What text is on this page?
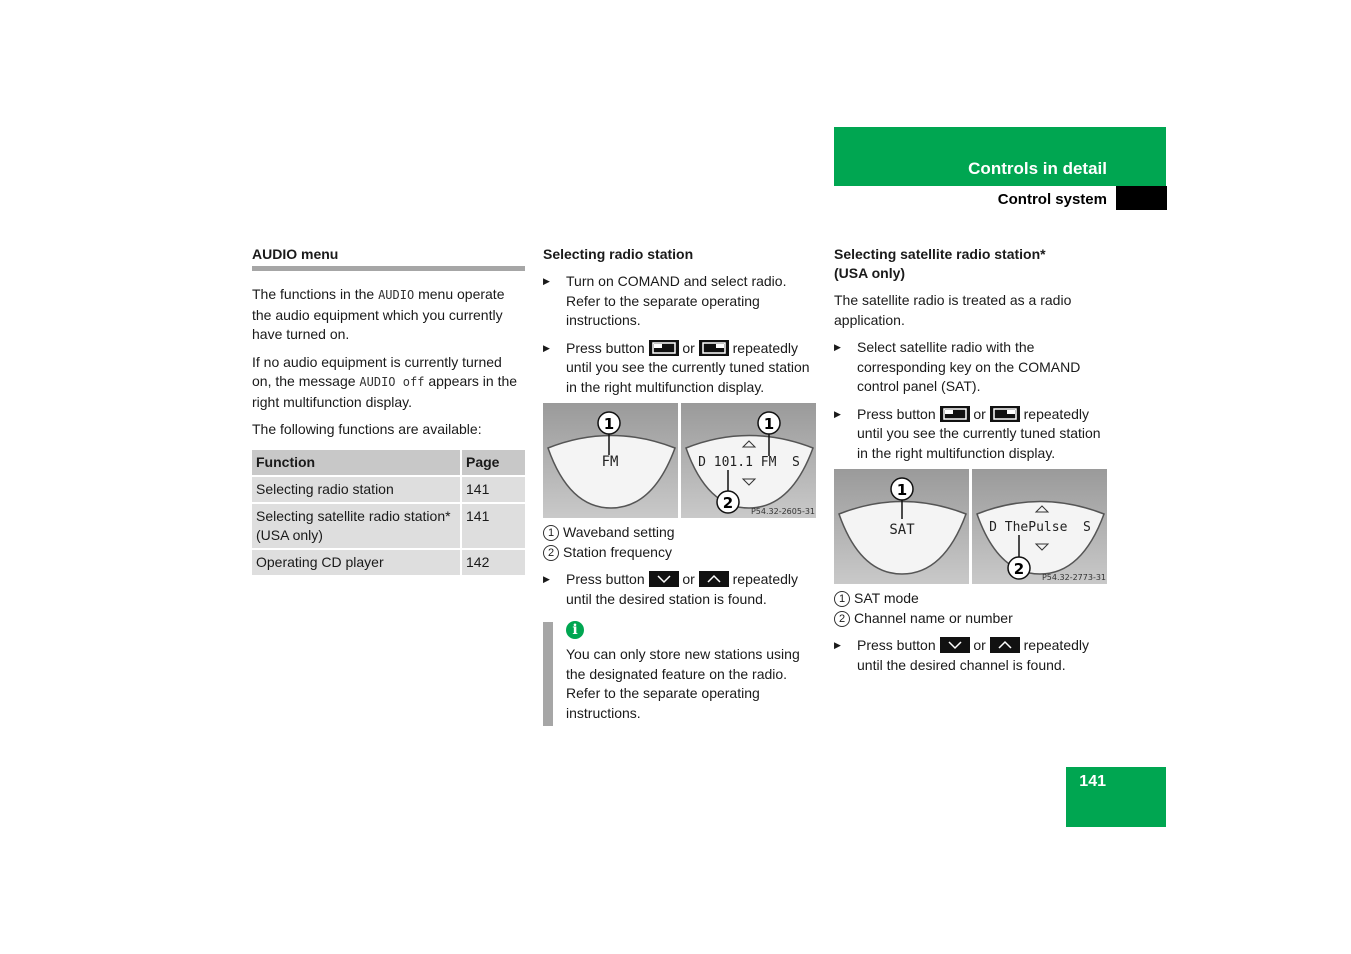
Controls in detail
Control system
AUDIO menu

The functions in the AUDIO menu operate the audio equipment which you currently have turned on.

If no audio equipment is currently turned on, the message AUDIO off appears in the right multifunction display.

The following functions are available:

Function	Page
Selecting radio station	141
Selecting satellite radio station* (USA only)	141
Operating CD player	142
Selecting radio station
▶ Turn on COMAND and select radio. Refer to the separate operating instructions.
▶ Press button	or	repeatedly until you see the currently tuned station in the right multifunction display.
1	1
2
FM	D 101.1 FM  S
P54.32-2605-31
1 Waveband setting
2 Station frequency
▶ Press button	or	repeatedly until the desired station is found.
i
You can only store new stations using the designated feature on the radio. Refer to the separate operating instructions.
Selecting satellite radio station* (USA only)

The satellite radio is treated as a radio application.

▶ Select satellite radio with the corresponding key on the COMAND control panel (SAT).
▶ Press button	or	repeatedly until you see the currently tuned station in the right multifunction display.
1
2
SAT	D ThePulse  S
P54.32-2773-31
1 SAT mode
2 Channel name or number
▶ Press button	or	repeatedly until the desired channel is found.
141
